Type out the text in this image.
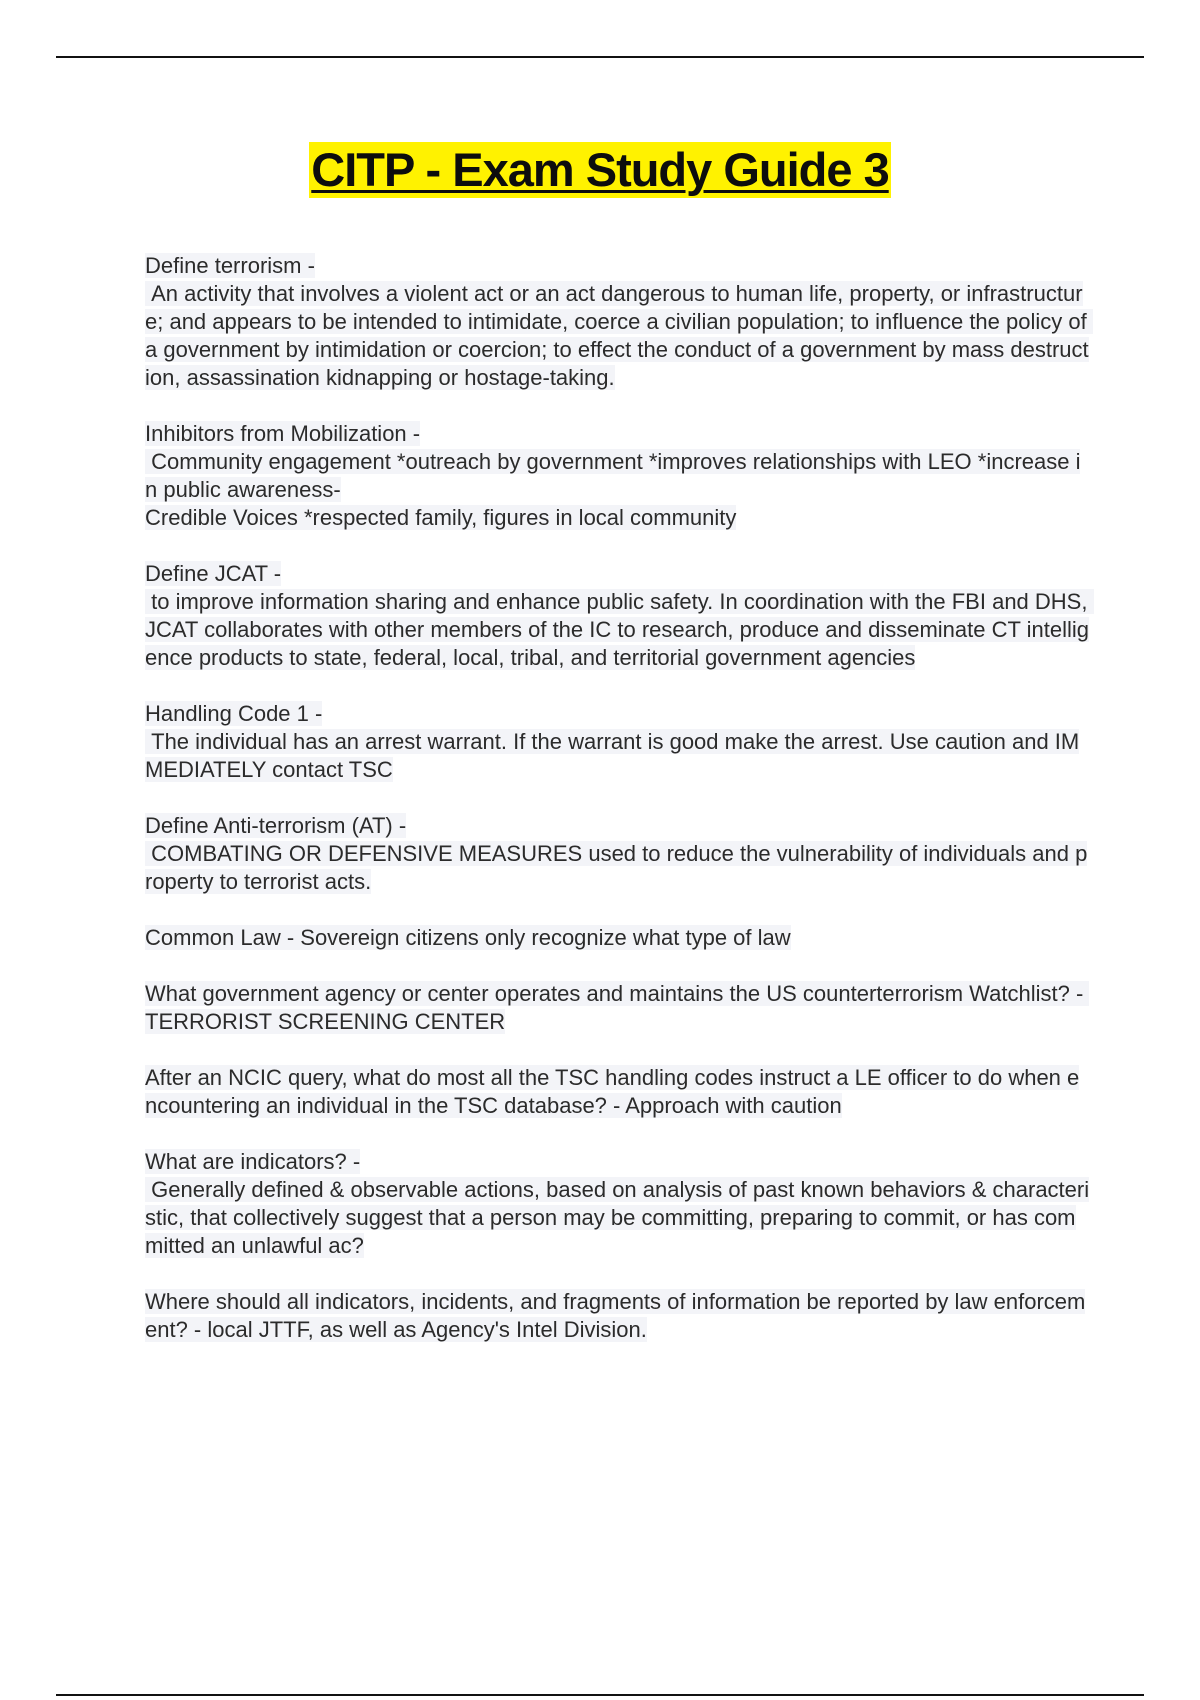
CITP - Exam Study Guide 3
Define terrorism -
An activity that involves a violent act or an act dangerous to human life, property, or infrastructure; and appears to be intended to intimidate, coerce a civilian population; to influence the policy of a government by intimidation or coercion; to effect the conduct of a government by mass destruction, assassination kidnapping or hostage-taking.
Inhibitors from Mobilization -
Community engagement *outreach by government *improves relationships with LEO *increase in public awareness-
Credible Voices *respected family, figures in local community
Define JCAT -
to improve information sharing and enhance public safety. In coordination with the FBI and DHS, JCAT collaborates with other members of the IC to research, produce and disseminate CT intelligence products to state, federal, local, tribal, and territorial government agencies
Handling Code 1 -
The individual has an arrest warrant. If the warrant is good make the arrest. Use caution and IMMEDIATELY contact TSC
Define Anti-terrorism (AT) -
COMBATING OR DEFENSIVE MEASURES used to reduce the vulnerability of individuals and property to terrorist acts.
Common Law - Sovereign citizens only recognize what type of law
What government agency or center operates and maintains the US counterterrorism Watchlist? - TERRORIST SCREENING CENTER
After an NCIC query, what do most all the TSC handling codes instruct a LE officer to do when encountering an individual in the TSC database? - Approach with caution
What are indicators? -
Generally defined & observable actions, based on analysis of past known behaviors & characteristic, that collectively suggest that a person may be committing, preparing to commit, or has committed an unlawful ac?
Where should all indicators, incidents, and fragments of information be reported by law enforcement? - local JTTF, as well as Agency's Intel Division.
